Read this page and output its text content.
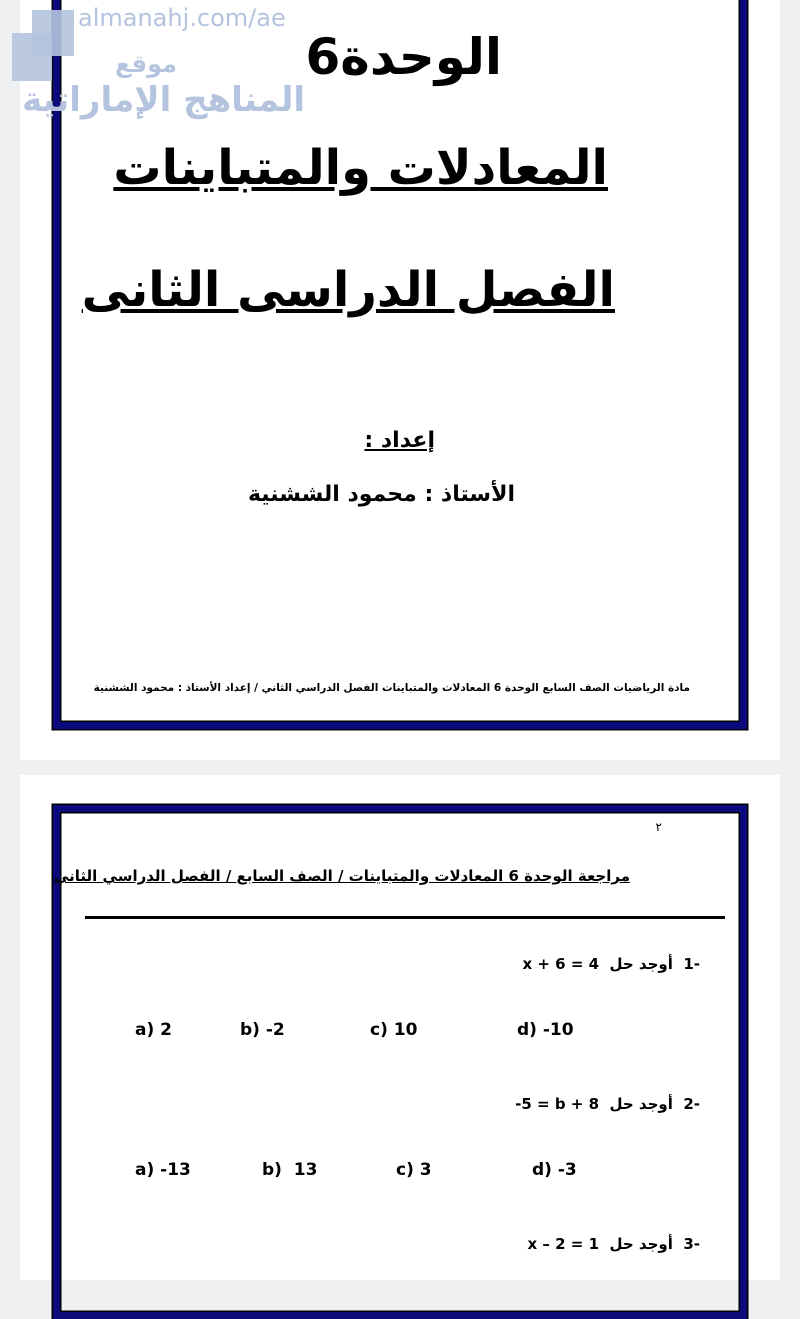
الوحدة6
المعادلات والمتباينات
الفصل الدراسى الثانى
إعداد :
الأستاذ : محمود الششنية
مادة الرياضيات الصف السابع الوحدة 6 المعادلات والمتباينات الفصل الدراسي الثاني / إعداد الأستاذ : محمود الششنية
٢
مراجعة الوحدة 6 المعادلات والمتباينات / الصف السابع / الفصل الدراسي الثاني
-1  أوجد حل  x + 6 = 4
a) 2	b) -2	c) 10	d) -10
-2  أوجد حل  -5 = b + 8
a) -13	b)  13	c) 3	d) -3
-3  أوجد حل  x – 2 = 1
almanahj.com/ae
موقع
المناهج الإماراتية
